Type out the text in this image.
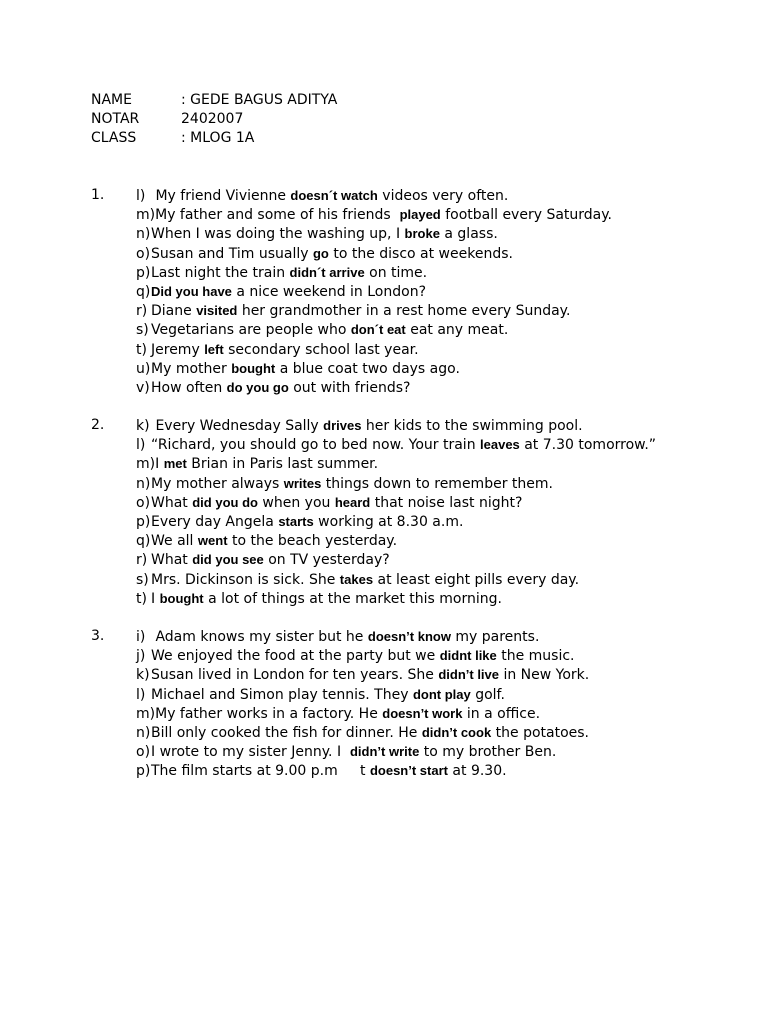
NAME	: GEDE BAGUS ADITYA
NOTAR	2402007
CLASS	: MLOG 1A
1. l) My friend Vivienne doesn´t watch videos very often.
m)My father and some of his friends  played football every Saturday.
n)When I was doing the washing up, I broke a glass.
o)Susan and Tim usually go to the disco at weekends.
p)Last night the train didn´t arrive on time.
q)Did you have a nice weekend in London?
r) Diane visited her grandmother in a rest home every Sunday.
s) Vegetarians are people who don´t eat eat any meat.
t) Jeremy left secondary school last year.
u)My mother bought a blue coat two days ago.
v)How often do you go out with friends?
2. k) Every Wednesday Sally drives her kids to the swimming pool.
l) “Richard, you should go to bed now. Your train leaves at 7.30 tomorrow.”
m)I met Brian in Paris last summer.
n)My mother always writes things down to remember them.
o)What did you do when you heard that noise last night?
p)Every day Angela starts working at 8.30 a.m.
q)We all went to the beach yesterday.
r) What did you see on TV yesterday?
s) Mrs. Dickinson is sick. She takes at least eight pills every day.
t) I bought a lot of things at the market this morning.
3. i) Adam knows my sister but he doesn’t know my parents.
j) We enjoyed the food at the party but we didnt like the music.
k)Susan lived in London for ten years. She didn’t live in New York.
l) Michael and Simon play tennis. They dont play golf.
m)My father works in a factory. He doesn’t work in a office.
n)Bill only cooked the fish for dinner. He didn’t cook the potatoes.
o)I wrote to my sister Jenny. I  didn’t write to my brother Ben.
p)The film starts at 9.00 p.m     t doesn’t start at 9.30.
